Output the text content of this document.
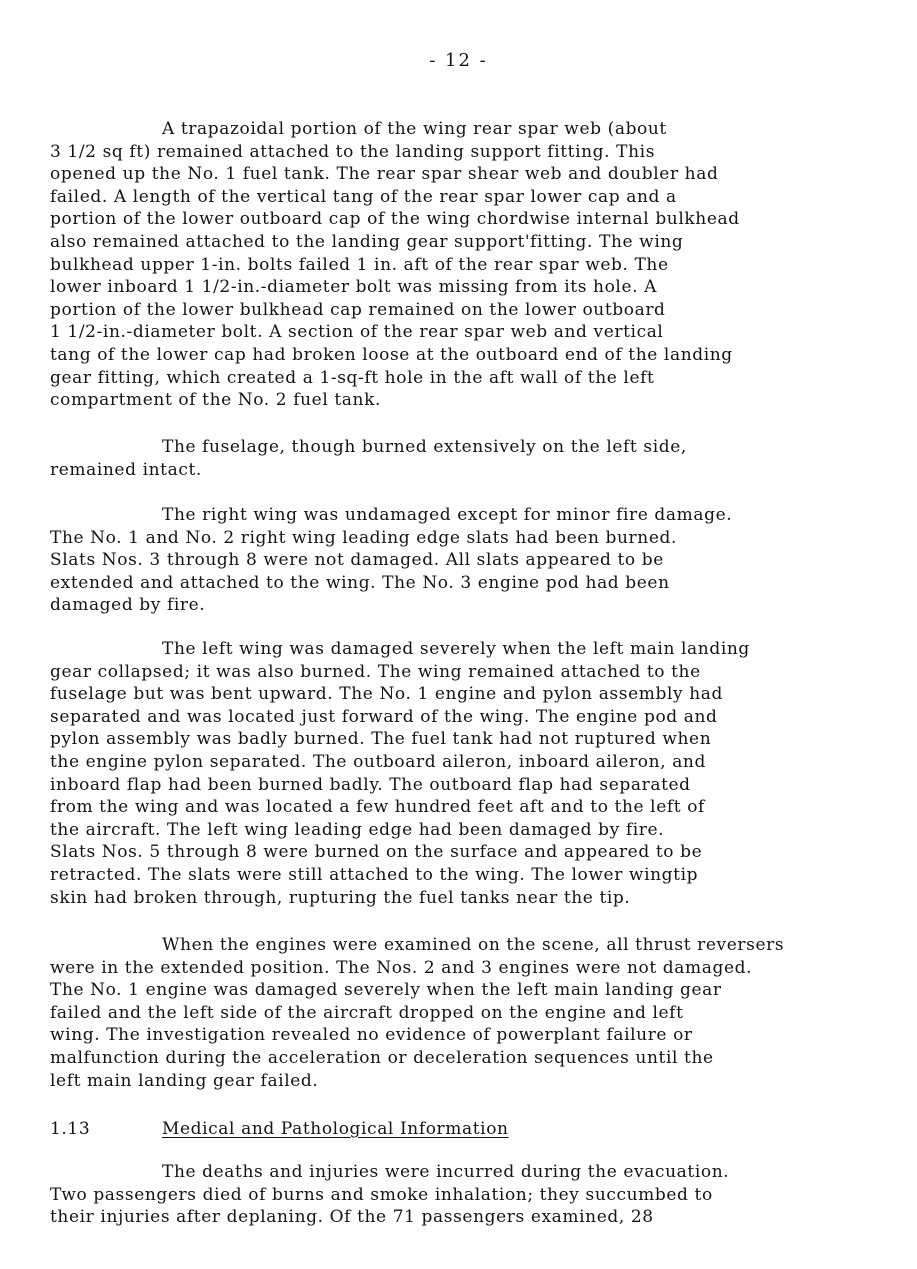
- 12 -
A trapazoidal portion of the wing rear spar web (about
3 1/2 sq ft) remained attached to the landing support fitting. This
opened up the No. 1 fuel tank. The rear spar shear web and doubler had
failed. A length of the vertical tang of the rear spar lower cap and a
portion of the lower outboard cap of the wing chordwise internal bulkhead
also remained attached to the landing gear support'fitting. The wing
bulkhead upper 1-in. bolts failed 1 in. aft of the rear spar web. The
lower inboard 1 1/2-in.-diameter bolt was missing from its hole. A
portion of the lower bulkhead cap remained on the lower outboard
1 1/2-in.-diameter bolt. A section of the rear spar web and vertical
tang of the lower cap had broken loose at the outboard end of the landing
gear fitting, which created a 1-sq-ft hole in the aft wall of the left
compartment of the No. 2 fuel tank.
The fuselage, though burned extensively on the left side,
remained intact.
The right wing was undamaged except for minor fire damage.
The No. 1 and No. 2 right wing leading edge slats had been burned.
Slats Nos. 3 through 8 were not damaged. All slats appeared to be
extended and attached to the wing. The No. 3 engine pod had been
damaged by fire.
The left wing was damaged severely when the left main landing
gear collapsed; it was also burned. The wing remained attached to the
fuselage but was bent upward. The No. 1 engine and pylon assembly had
separated and was located just forward of the wing. The engine pod and
pylon assembly was badly burned. The fuel tank had not ruptured when
the engine pylon separated. The outboard aileron, inboard aileron, and
inboard flap had been burned badly. The outboard flap had separated
from the wing and was located a few hundred feet aft and to the left of
the aircraft. The left wing leading edge had been damaged by fire.
Slats Nos. 5 through 8 were burned on the surface and appeared to be
retracted. The slats were still attached to the wing. The lower wingtip
skin had broken through, rupturing the fuel tanks near the tip.
When the engines were examined on the scene, all thrust reversers
were in the extended position. The Nos. 2 and 3 engines were not damaged.
The No. 1 engine was damaged severely when the left main landing gear
failed and the left side of the aircraft dropped on the engine and left
wing. The investigation revealed no evidence of powerplant failure or
malfunction during the acceleration or deceleration sequences until the
left main landing gear failed.
1.13	Medical and Pathological Information
The deaths and injuries were incurred during the evacuation.
Two passengers died of burns and smoke inhalation; they succumbed to
their injuries after deplaning. Of the 71 passengers examined, 28
